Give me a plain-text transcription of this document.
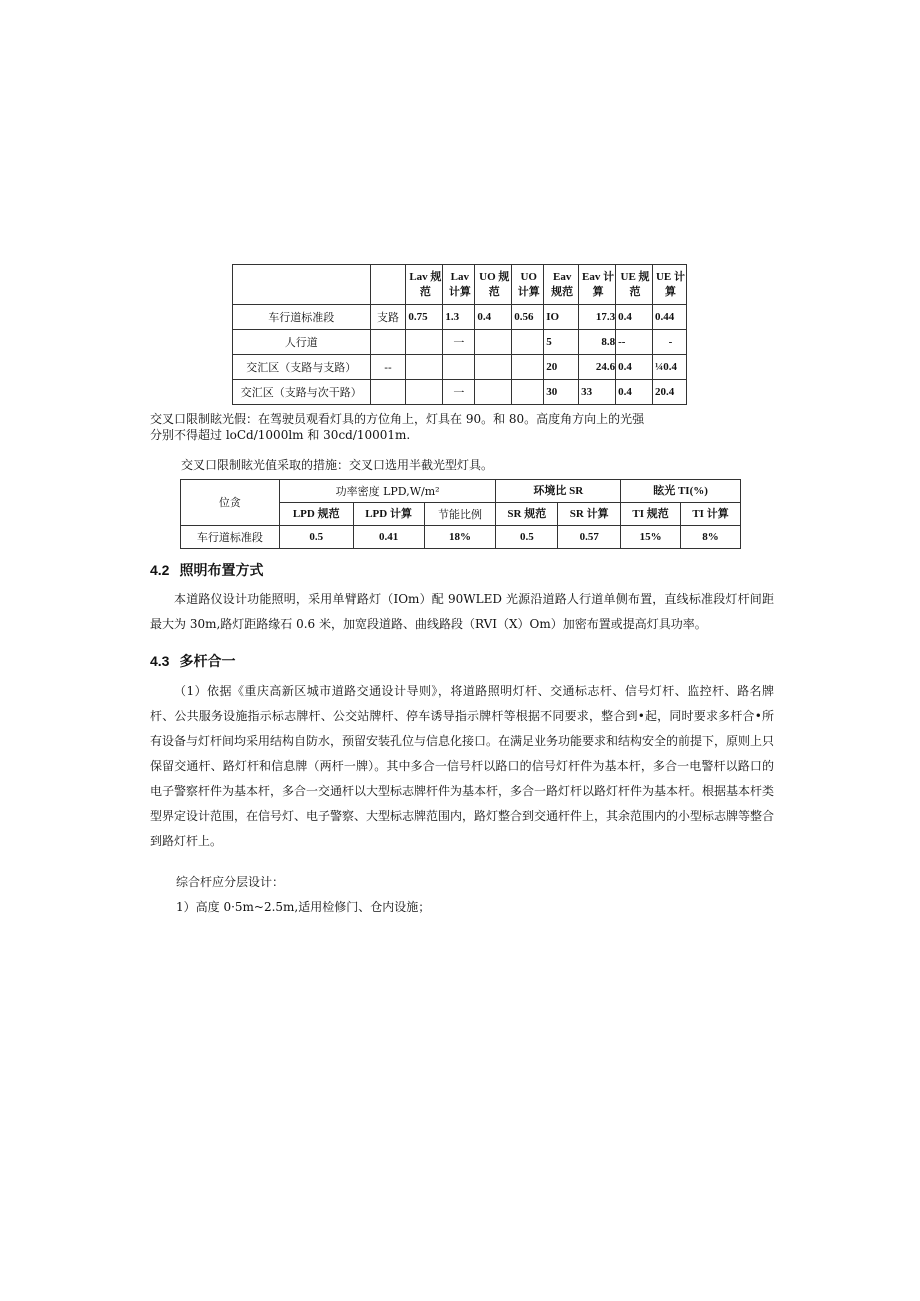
		Lav 规范	Lav 计算	UO 规范	UO 计算	Eav 规范	Eav 计算	UE 规范	UE 计算
车行道标准段	支路	0.75	1.3	0.4	0.56	IO	17.3	0.4	0.44
人行道			一			5	8.8	--	-
交汇区（支路与支路）	--					20	24.6	0.4	¼0.4
交汇区（支路与次干路）			一			30	33	0.4	20.4
交叉口限制眩光假：在驾驶员观看灯具的方位角上，灯具在 90。和 80。高度角方向上的光强
分别不得超过 loCd/1000lm 和 30cd/10001m.
交叉口限制眩光值采取的措施：交叉口选用半截光型灯具。
位贪	功率密度 LPD,W/m²			环境比 SR		眩光 TI(%)	
	LPD 规范	LPD 计算	节能比例	SR 规范	SR 计算	TI 规范	TI 计算
车行道标准段	0.5	0.41	18%	0.5	0.57	15%	8%
4.2 照明布置方式
本道路仪设计功能照明，采用单臂路灯（IOm）配 90WLED 光源沿道路人行道单侧布置，直线标准段灯杆间距最大为 30m,路灯距路缘石 0.6 米，加宽段道路、曲线路段（RVI（X）Om）加密布置或提高灯具功率。
4.3 多杆合一
（1）依据《重庆高新区城市道路交通设计导则》，将道路照明灯杆、交通标志杆、信号灯杆、监控杆、路名牌杆、公共服务设施指示标志牌杆、公交站牌杆、停车诱导指示牌杆等根据不同要求，整合到•起，同时要求多杆合•所有设备与灯杆间均采用结构自防水，预留安装孔位与信息化接口。在满足业务功能要求和结构安全的前提下，原则上只保留交通杆、路灯杆和信息牌（两杆一牌）。其中多合一信号杆以路口的信号灯杆件为基本杆，多合一电警杆以路口的电子警察杆件为基本杆，多合一交通杆以大型标志牌杆件为基本杆，多合一路灯杆以路灯杆件为基本杆。根据基本杆类型界定设计范围，在信号灯、电子警察、大型标志牌范围内，路灯整合到交通杆件上，其余范围内的小型标志牌等整合到路灯杆上。
综合杆应分层设计：
1）高度 0·5m~2.5m,适用检修门、仓内设施；
